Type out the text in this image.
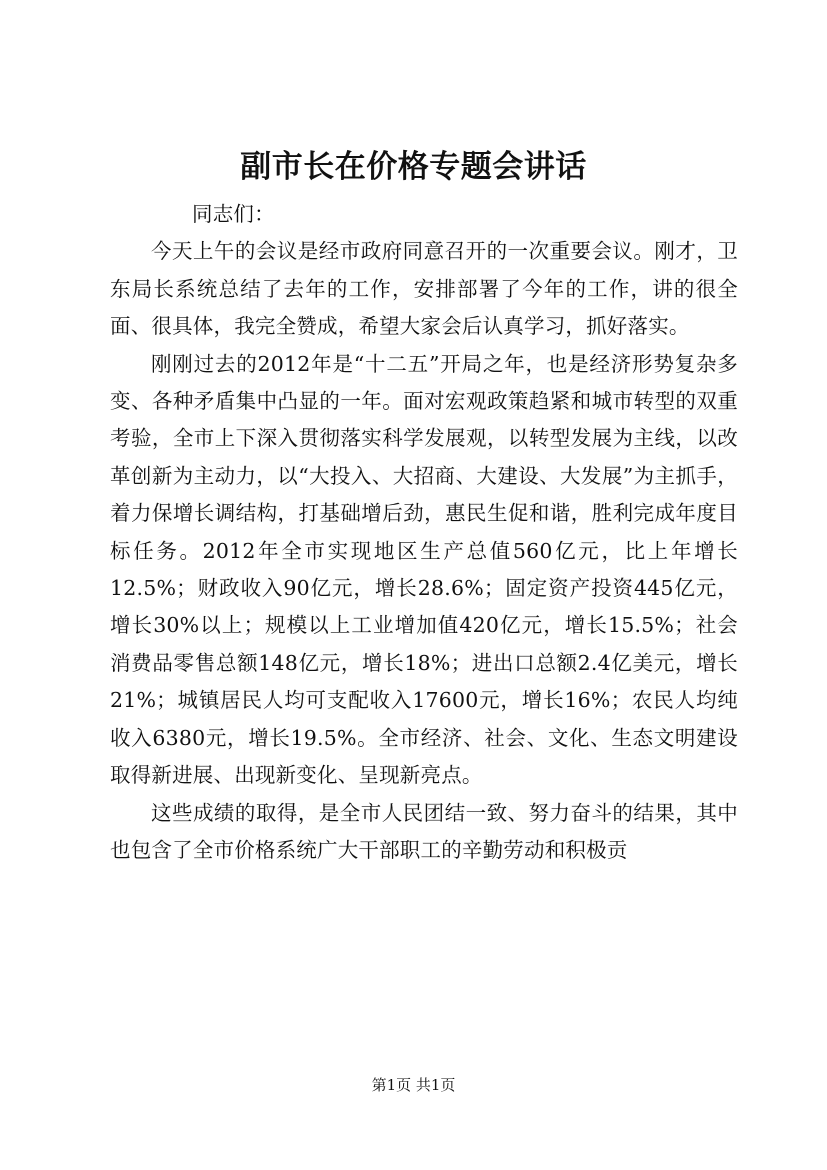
副市长在价格专题会讲话

同志们：

今天上午的会议是经市政府同意召开的一次重要会议。刚才，卫东局长系统总结了去年的工作，安排部署了今年的工作，讲的很全面、很具体，我完全赞成，希望大家会后认真学习，抓好落实。

刚刚过去的2012年是“十二五”开局之年，也是经济形势复杂多变、各种矛盾集中凸显的一年。面对宏观政策趋紧和城市转型的双重考验，全市上下深入贯彻落实科学发展观，以转型发展为主线，以改革创新为主动力，以“大投入、大招商、大建设、大发展”为主抓手，着力保增长调结构，打基础增后劲，惠民生促和谐，胜利完成年度目标任务。2012年全市实现地区生产总值560亿元，比上年增长12.5%；财政收入90亿元，增长28.6%；固定资产投资445亿元，增长30%以上；规模以上工业增加值420亿元，增长15.5%；社会消费品零售总额148亿元，增长18%；进出口总额2.4亿美元，增长21%；城镇居民人均可支配收入17600元，增长16%；农民人均纯收入6380元，增长19.5%。全市经济、社会、文化、生态文明建设取得新进展、出现新变化、呈现新亮点。

这些成绩的取得，是全市人民团结一致、努力奋斗的结果，其中也包含了全市价格系统广大干部职工的辛勤劳动和积极贡

第1页 共1页
